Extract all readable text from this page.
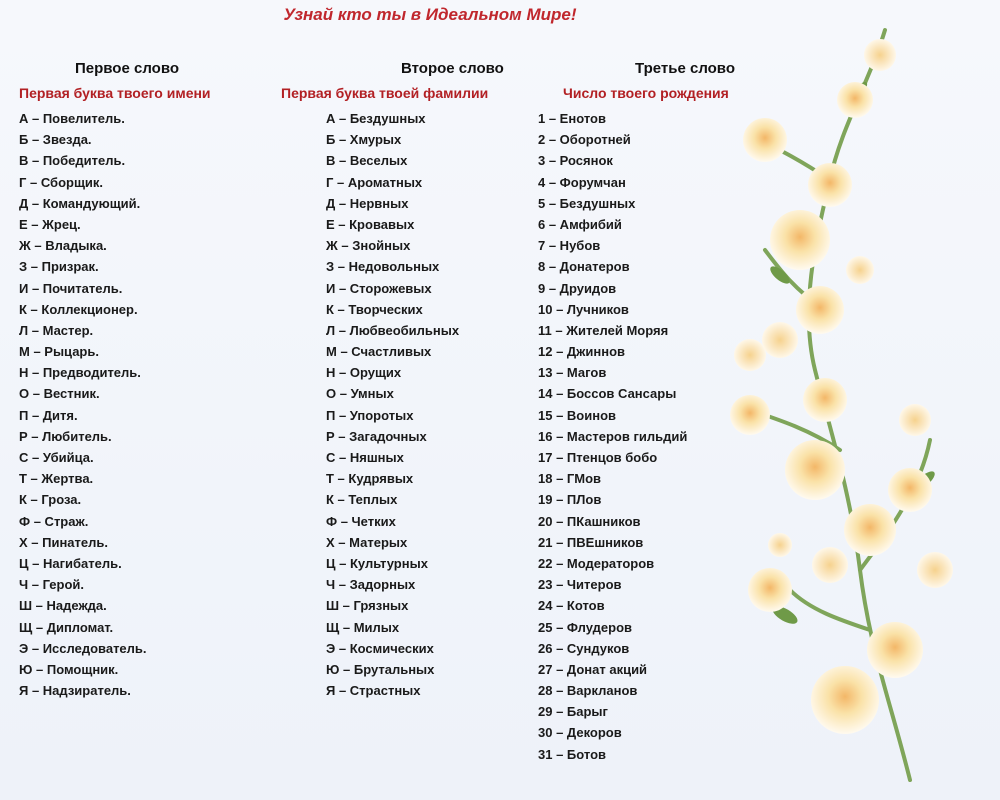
Узнай кто ты в Идеальном Мире!
Первое слово
Первая буква твоего имени
А – Повелитель.
Б – Звезда.
В – Победитель.
Г – Сборщик.
Д – Командующий.
Е – Жрец.
Ж – Владыка.
З – Призрак.
И – Почитатель.
К – Коллекционер.
Л – Мастер.
М – Рыцарь.
Н – Предводитель.
О – Вестник.
П – Дитя.
Р – Любитель.
С – Убийца.
Т – Жертва.
К – Гроза.
Ф – Страж.
Х – Пинатель.
Ц – Нагибатель.
Ч – Герой.
Ш – Надежда.
Щ – Дипломат.
Э – Исследователь.
Ю – Помощник.
Я – Надзиратель.
Второе слово
Первая буква твоей фамилии
А – Бездушных
Б – Хмурых
В – Веселых
Г – Ароматных
Д – Нервных
Е – Кровавых
Ж – Знойных
З – Недовольных
И – Сторожевых
К – Творческих
Л – Любвеобильных
М – Счастливых
Н – Орущих
О – Умных
П – Упоротых
Р – Загадочных
С – Няшных
Т – Кудрявых
К – Теплых
Ф – Четких
Х – Матерых
Ц – Культурных
Ч – Задорных
Ш – Грязных
Щ – Милых
Э – Космических
Ю – Брутальных
Я – Страстных
Третье слово
Число твоего рождения
1 – Енотов
2 – Оборотней
3 – Росянок
4 – Форумчан
5 – Бездушных
6 – Амфибий
7 – Нубов
8 – Донатеров
9 – Друидов
10 – Лучников
11 – Жителей Моряя
12 – Джиннов
13 – Магов
14 – Боссов Сансары
15 – Воинов
16 – Мастеров гильдий
17 – Птенцов бобо
18 – ГМов
19 – ПЛов
20 – ПКашников
21 – ПВЕшников
22 – Модераторов
23 – Читеров
24 – Котов
25 – Флудеров
26 – Сундуков
27 – Донат акций
28 – Варкланов
29 – Барыг
30 – Декоров
31 – Ботов
